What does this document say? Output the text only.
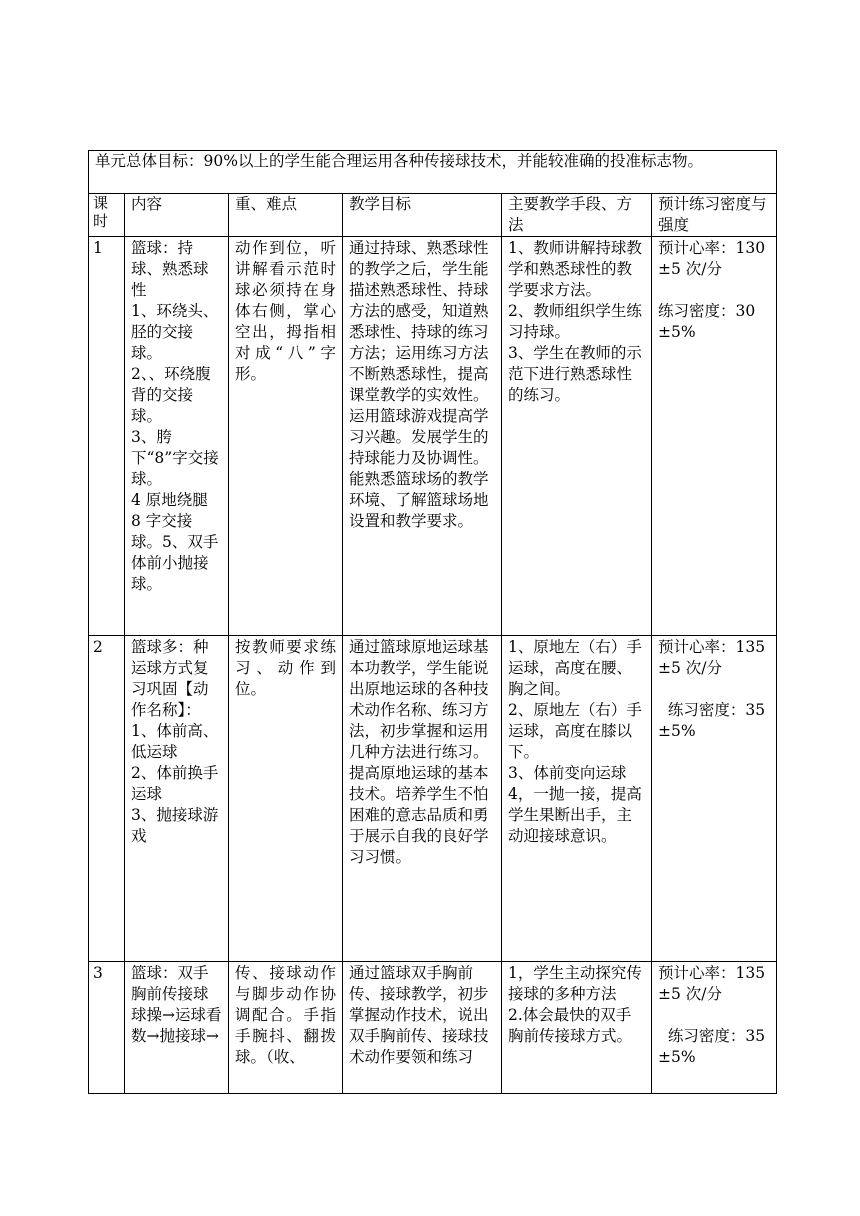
单元总体目标：90%以上的学生能合理运用各种传接球技术，并能较准确的投准标志物。					

课时	内容	重、难点	教学目标	主要教学手段、方法	预计练习密度与强度

1	篮球：持球、熟悉球性
1、环绕头、胫的交接球。
2、、环绕腹背的交接球。
3、胯下“8”字交接球。
4 原地绕腿 8 字交接球。5、双手体前小抛接球。	动作到位，听讲解看示范时球必须持在身体右侧，掌心空出，拇指相对成“八”字形。	通过持球、熟悉球性的教学之后，学生能描述熟悉球性、持球方法的感受，知道熟悉球性、持球的练习方法；运用练习方法不断熟悉球性，提高课堂教学的实效性。运用篮球游戏提高学习兴趣。发展学生的持球能力及协调性。能熟悉篮球场的教学环境、了解篮球场地设置和教学要求。	1、教师讲解持球教学和熟悉球性的教学要求方法。
2、教师组织学生练习持球。
3、学生在教师的示范下进行熟悉球性的练习。	预计心率：130±5 次/分

练习密度：30±5%

2	篮球多：种运球方式复习巩固【动作名称】：
1、体前高、低运球
2、体前换手运球
3、抛接球游戏	按教师要求练习、动作到位。	通过篮球原地运球基本功教学，学生能说出原地运球的各种技术动作名称、练习方法，初步掌握和运用几种方法进行练习。提高原地运球的基本技术。培养学生不怕困难的意志品质和勇于展示自我的良好学习习惯。	1、原地左（右）手运球，高度在腰、胸之间。
2、原地左（右）手运球，高度在膝以下。
3、体前变向运球
4，一抛一接，提高学生果断出手，主动迎接球意识。	预计心率：135±5 次/分

练习密度：35±5%

3	篮球：双手胸前传接球
球操→运球看数→抛接球→	传、接球动作与脚步动作协调配合。手指手腕抖、翻拨球。（收、	通过篮球双手胸前传、接球教学，初步掌握动作技术，说出双手胸前传、接球技术动作要领和练习	1，学生主动探究传接球的多种方法
2.体会最快的双手胸前传接球方式。	预计心率：135±5 次/分

练习密度：35±5%
